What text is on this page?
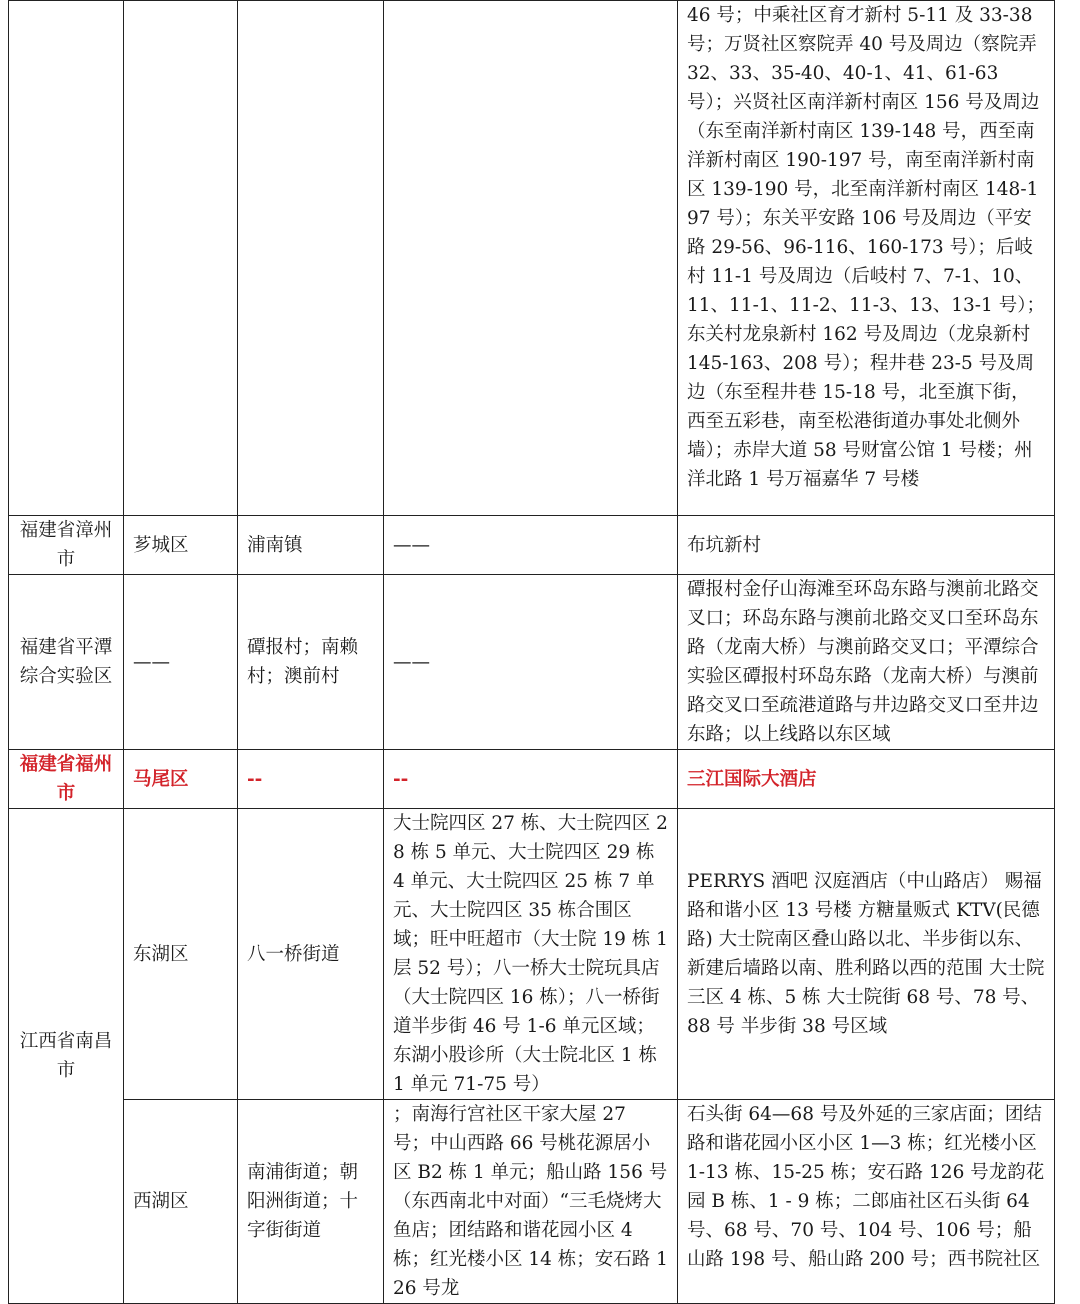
				46 号；中乘社区育才新村 5-11 及 33-38 号；万贤社区察院弄 40 号及周边（察院弄 32、33、35-40、40-1、41、61-63 号）；兴贤社区南洋新村南区 156 号及周边（东至南洋新村南区 139-148 号，西至南洋新村南区 190-197 号，南至南洋新村南区 139-190 号，北至南洋新村南区 148-197 号）；东关平安路 106 号及周边（平安路 29-56、96-116、160-173 号）；后岐村 11-1 号及周边（后岐村 7、7-1、10、11、11-1、11-2、11-3、13、13-1 号）；东关村龙泉新村 162 号及周边（龙泉新村 145-163、208 号）；程井巷 23-5 号及周边（东至程井巷 15-18 号，北至旗下街，西至五彩巷，南至松港街道办事处北侧外墙）；赤岸大道 58 号财富公馆 1 号楼；州洋北路 1 号万福嘉华 7 号楼
福建省漳州市	芗城区	浦南镇	——	布坑新村
福建省平潭综合实验区	——	磹报村；南赖村；澳前村	——	磹报村金仔山海滩至环岛东路与澳前北路交叉口；环岛东路与澳前北路交叉口至环岛东路（龙南大桥）与澳前路交叉口；平潭综合实验区磹报村环岛东路（龙南大桥）与澳前路交叉口至疏港道路与井边路交叉口至井边东路；以上线路以东区域
福建省福州市	马尾区	--	--	三江国际大酒店
江西省南昌市	东湖区	八一桥街道	大士院四区 27 栋、大士院四区 28 栋 5 单元、大士院四区 29 栋 4 单元、大士院四区 25 栋 7 单元、大士院四区 35 栋合围区域；旺中旺超市（大士院 19 栋 1 层 52 号）；八一桥大士院玩具店（大士院四区 16 栋）；八一桥街道半步街 46 号 1-6 单元区域；东湖小股诊所（大士院北区 1 栋 1 单元 71-75 号）	PERRYS 酒吧 汉庭酒店（中山路店） 赐福路和谐小区 13 号楼 方糖量贩式 KTV(民德路) 大士院南区叠山路以北、半步街以东、新建后墙路以南、胜利路以西的范围 大士院三区 4 栋、5 栋 大士院街 68 号、78 号、88 号 半步街 38 号区域
	西湖区	南浦街道；朝阳洲街道；十字街街道	；南海行宫社区干家大屋 27 号；中山西路 66 号桃花源居小区 B2 栋 1 单元；船山路 156 号（东西南北中对面）“三毛烧烤大鱼店；团结路和谐花园小区 4 栋；红光楼小区 14 栋；安石路 126 号龙	石头街 64—68 号及外延的三家店面；团结路和谐花园小区小区 1—3 栋；红光楼小区 1-13 栋、15-25 栋；安石路 126 号龙韵花园 B 栋、1 - 9 栋；二郎庙社区石头街 64 号、68 号、70 号、104 号、106 号；船山路 198 号、船山路 200 号；西书院社区
